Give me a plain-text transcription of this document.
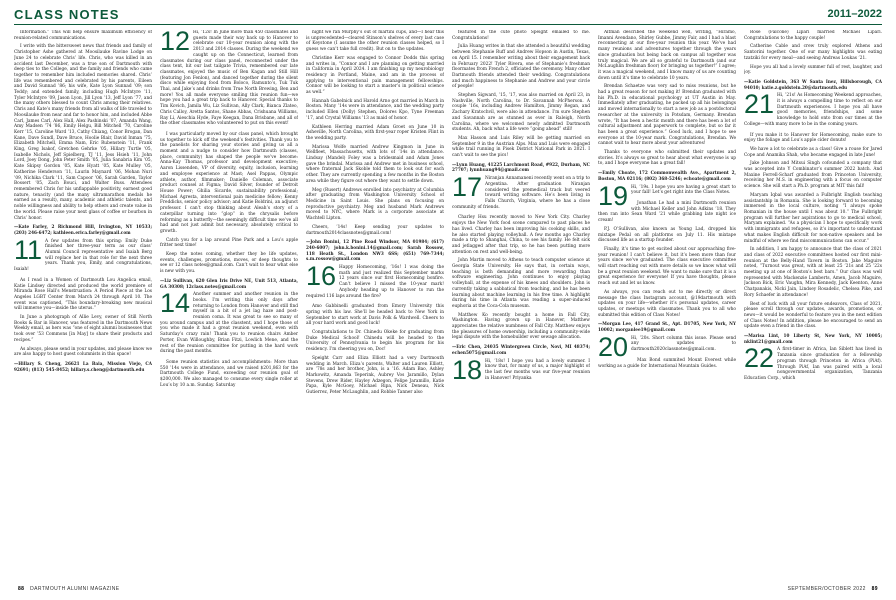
CLASS NOTES	2011–2022

Information.” This will help ensure maximum efficiency of reunion-related communications.

I write with the bittersweet news that friends and family of Christopher Ashe gathered at Moosilauke Ravine Lodge on June 24 to celebrate Chris’ life. Chris, who was killed in an accident last December, was a true son of Dartmouth with deep ties to the College, and the family and friends who came together to remember him included memories shared. Chris’ life was remembered and celebrated by his parents, Eileen and David Sunnad ’86; his wife, Kate Lyon Sunnad ’09; son Teddy; and extended family, including Hugh McIntyre ’11, Tyler McIntyre ’09, Jason Lyon, Jill Lyon ’13, Jeff Lyon ’77, and the many others blessed to count Chris among their relatives. Chris and Kate’s many friends from all walks of life traveled to Moosilauke from near and far to honor him, and included Abbe Carl, James Carl, Alex Hall, Alex Pashinski ’07, Amanda Wang, Amy Madsen ’74 ’86, Emily Helgu, Bill Mitchell ’70, Caroline Kerr ’15, Caroline Ward ’13, Cathy Chiang, Conor Brogan, Dan Kane, Dave Sundl, Dave Bruce, Hoolie Blair, David Inman ’75, Elizabeth Mitchell, Emma Nam, Eric Rubenstein ’11, Frank King, Greg Isakof, Gretchen Gehrke ’05, Hillary Turtle ’05, Isabelle Nichols, Jeff Spielberg, TJ ’11, Jess Hsieh ’11, John Lord, Joey Dong, John Peter Smith ’05, Julia Sanabria Kim ’05, Kate Skipsy Gordon ’05, Kate Hyatt ’05, Kate Mulley ’05, Katherine Henderson ’11, Laurin Maynard ’06, Mohan Nuri ’09, Nichika Clark ’11, Sam Capoor ’06, Sarah Garden, Taylor Bossert ’05, Zach Bouci, and Walter Buss. Attendees remembered Chris for his unflappable positivity, earnest good nature, tenacity (and the many ultramarathon medals he earned as a result), many, academic and athletic talents, and noble willingness and ability to help others and create value in the world. Please raise your next glass of coffee or bourbon in Chris’ honor.

—Kate Farley, 2 Richmond Hill, Irvington, NY 10533; (203) 246-6472; kathleen.erica.farley@gmail.com

11 A few updates from this spring: Emily Duke finished her three-year term as our class’ Alumni Council representative and Isaiah Berg will replace her in that role for the next three years. Thank you, Emily, and congratulations, Isaiah!

As I read in a Women of Dartmouth Lou Angelica email, Katie Lindsey directed and produced the world premiere of Miranda Rose Hall’s Menstruation: A Period Piece at the Los Angeles LGBT Center from March 24 through April 10. The event was captioned, “This boundary-breaking new musical will immerse you—inside the uterus.”

In June a photograph of Allie Levy, owner of Still North Books & Bar in Hanover, was featured in the Dartmouth News Weekly email, as hers was “one of eight alumni businesses that took over ’53 Commons [in May] to share their products and recipes.”

As always, please send in your updates, and please know we are also happy to host guest columnists in this space!

—Hillary S. Cheng, 26621 La Baia, Mission Viejo, CA 92691; (813) 545-8452; hillary.s.cheng@dartmouth.edu

12 Hi, ’12s! In June more than 450 classmates and guests made their way back up to Hanover to celebrate our 10-year reunion along with the 2013 and 2014 classes. During the weekend we caught up on the Connecticut, learned from classmates during our class panel, reconnected under the class tent, hit our last tailgate Trivia, remembered our late classmates, enjoyed the music of Ben Kagan and Still Hill (featuring Jon Fenlon), and danced together during the silent disco while enjoying food from Boloco, Ramunto’s, Tuk Tuk Thai, and Jake’s and drinks from True North Brewing, Ben and more! You all made everyone smiling this reunion fun—we hope you had a great trip back to Hanover. Special thanks to Tim Kovich, Jamila Wu, Liz Sullivan, Ally Clark, Bianca Zlateo, Chris Calloy, Aretta Santos, Shane Abbas, Crishuana Williams, Ray Li, Aieschia Hyde, Faye Keegan, Dana Brisbane, and all of the other classmates who volunteered to put on this event!

I was particularly moved by our class panel, which brought us together to kick off the weekend’s festivities. Thank you to the panelists for sharing your stories and giving us all a moment and a nudge to consider how Dartmouth (classes, place, community) has shaped the people we’ve become: Anna-Kay Thomas, professor and development executive; Aaron Lissenden, VP of diversity, equity, inclusion, learning and employee experience at Mast; Asel Pappas, Olympic athlete, author, filmmaker; Danielle Coleman, associate product counsel at Figma; David Silver, founder of Detroit House Power; Ghilia Sicarde, sustainability professional; Michael Agresta, interventional pain medicine fellow; Kenny Freddicks, senior policy advisor; and Katie Boldrini, an adjunct professor. I can’t stop thinking about Aleah’s story of a caterpillar turning into “glop” in the chrysalis before reforming as a butterfly—the seemingly difficult time we’ve all had and not just admit but necessary, absolutely critical to growth.

Catch you for a lap around Pine Park and a Lou’s apple fritter next time!

Keep the notes coming, whether they be life updates, events, challenges, promotions, moves, or deep thoughts to see or 12 class notes@gmail.com. Can’t wait to hear what else is new with you.

—Liz Sullivan, 620 Glen Iris Drive NE, Unit 513, Atlanta, GA 30308; 12class.notes@gmail.com

14 Another summer and another reunion in the books. I’m writing this only days after returning to London from Hanover and still find myself in a bit of a jet lag haze and post-reunion coma. It was great to see so many of you around campus and at the classtent, and I hope those of you who made it had a great reunion weekend, even with Saturday’s crazy rain! Thank you to reunion chairs Amber Porter, Evan Willoughby, Brian Fitzi, Lowlich Mene, and the rest of the reunion committee for putting in the hard work during the past months.

Some reunion statistics and accomplishments: More than 550 ’14s were in attendance, and we raised $201,863 for the Dartmouth College Fund, exceeding our reunion goal of $200,000. We also managed to consume every single roller at Lou’s by 10 a.m. Sunday. Saturday

night we ran Murphy’s out of martini cups, and—I hear this is unprecedented—cleared Stinson’s shelves of every last case of Keystone (I assume the other reunion classes helped, so I guess we can’t take full credit). But on to the updates.

Christine Kerr was engaged to Connor Dodds this spring and writes in, “Connor and I are planning on getting married in California in April 2024. I am finishing up my neurobiology residency in Portland, Maine, and am in the process of applying to interventional pain management fellowships. Connor will be looking to start a master’s in political science as well.”

Hannah Gabelnick and Harold Arno got married in March in Boston. Many ’14s were in attendance, and the wedding party included Ellen (Dolly) Stephen, Dolores Kpo, Tyne Freeman ’17, and Crystal Williams ’13 as maid of honor.

Kathleen Herring married Adam Groet on June 10 in Asheville, North Carolina, with first-year roper Kristen Flint in the wedding party.

Marissa Wolfe married Andrew Kingmon in June in Wellfleet, Massachusetts, with lots of ’14s in attendance. Lindsay (Mandel) Foley was a bridesmaid and Adam Jones gave the brindal. Marissa and Andrew met in business school, where fraternal Jack Skoble told them to look out for each other. They are currently spending a few months in the Boston area while they figure out where they want to settle down.

Meg (Rusert) Andrews enrolled into psychiatry at Columbia after graduating from Washington University School of Medicine in Saint Louis. She plans on focusing on reproductive psychiatry. Meg and husband Mark Andrews moved to NYC, where Mark is a corporate associate at Wachtell Lipton.

Cheers, ’14s! Keep sending your updates to dartmouth2014classnotes@gmail.com!

—John Bonini, 12 Pine Road Windsor, MA 01984; (617) 240-6007; john.k.bonini.14@gmail.com; Sarah Rossow, 118 Heath St., London NW3 6SS; (651) 769-7344; s.m.rossow@gmail.com

16 Happy Homecoming, ’16s! I was doing the math and just realized this September marks 12 years since our first Homecoming bonfire. Can’t believe I missed the 10-year mark! Anybody heading up to Hanover to run the required 116 laps around the fire?

Amo Gabbinelli graduated from Emory University this spring with his law. She’ll be headed back to New York in September to start work at Davis Polk & Wardwell. Cheers to all your hard work and good luck!

Congratulations to Dr. Chinedu Okeke for graduating from Duke Medical School! Chinedu will be headed to the University of Pennsylvania to begin his program for his residency. I’m cheering you on, Doc!

Speight Carr and Eliza Elliott had a very Dartmouth wedding in March. Eliza’s parents, Walter and Lauren Elliott, are ’78s and her brother, John, is a ’16. Adam Bao, Ashley Markowitz, Amanda Teperink, Aubrey Vos Jaramillo, Dylan Stevens, Drew Rider, Hayley Adzegon, Felipe Jaramillo, Katie Papa, Kyle McGoey, Michael Ripa, Nick Deneau, Nick Gutierrez, Peter McLaughlin, and Robbie Tanner also

featured in the cute photo Speight emailed to me. Congratulations!

Julia Huang writes in that she attended a beautiful wedding between Stephanie Ruff and Andrew Hopson in Austin, Texas, on April 15. I remember writing about their engagement back in February 2022! Tyler Rivera, one of Stephanie’s freshman floormates from French 2, officiated the ceremony. Many other Dartmouth friends attended their wedding. Congratulations and much happiness to Stephanie and Andrew and your circle of people!

Stephen Sigward, ’15, ’17, was also married on April 23, in Nashville, North Carolina, to Dr. Savannah McPherson. A couple ’16s, including Andrew Hamilton, Jimmy Regan, and Zachary Kratochvil, were also in attendance. I’m sure Stephen and Savannah are as stunned as ever in Raleigh, North Carolina, where we welcomed newly admitted Dartmouth students. Ah, back what a life were “going ahead” still!

Max Hasson and Luis Riley will be getting married on September 9 in the Austrian Alps. Max and Luis were engaged while trail running in Pisek District National Park in 2021. I can’t wait to see the pics!

—Lynn Huang, 41225 Larchmont Road, #922, Durham, NC 27707; lynnhuang94@gmail.com

17 Niranjan Annamaneni recently went on a trip to Argentina. After graduation Niranjan considered the premedical track but veered toward writing software. He’s been living in Falls Church, Virginia, where he has a close community of friends.

Charley Hsu recently moved to New York City. Charley enjoys the New York food scene compared to past places he has lived. Charley has been improving his cooking skills, and he also started playing volleyball. A few months ago Charley made a trip to Shanghai, China, to see his family. He felt sick and jetlagged after that trip, so he has been putting more attention on rest and well-being.

John Martin moved to Athens to teach computer science at Georgia State University. He says that, in certain ways, teaching is both demanding and more rewarding than software engineering. John continues to enjoy playing volleyball, at the expense of his knees and shoulders. John is currently taking a sabbatical from teaching, and he has been learning about machine learning in his free time. A highlight during his time in Atlanta was reading a super-induced euphoria at the Coca-Cola museum.

Matthew Ko recently bought a home in Fall City, Washington. Having grown up in Hanover, Matthew appreciates the relative numbness of Fall City. Matthew enjoys the pleasures of home ownership, including a community-wide legal dispute with the homebuilder over sewage allocation.

—Eric Chen, 24035 Wintergreen Circle, Novi, MI 48374; echen5075@gmail.com

18 Hi, ’18s! I hope you had a lovely summer. I know that, for many of us, a major highlight of the last few months was our five-year reunion in Hanover! Priyanka

Altman described the weekend well, writing, “Hiramo, Imanni Avendano, Shirley Gubbe, Jimmy Fair, and I had a blast reconnecting at our five-year reunion this year. We’ve had many reunions and adventures together through the years since graduation but being back on campus all together was truly magical. We are all so grateful to Dartmouth (and our McLaughlin freshman floor) for bringing us together!” I agree; it was a magical weekend, and I know many of us are counting down until it’s time to celebrate 10 years.

Brendan Schaetze was very sad to miss reunions, but he had a great reason for not making it! Brendan graduated with his Ph.D. in educational psychology at UT Austin in May. Immediately after graduating, he packed up all his belongings and moved internationally to start a new job as a postdoctoral researcher at the university in Potsdam, Germany. Brendan wrote, “It has been a hectic month and there has been a lot of cultural adjustment and paperwork to complete, but so far it has been a great experience.” Good luck, and I hope to see everyone at the 10-year mark. Congratulations, Brendan. We cannot wait to hear more about your adventures!

Thanks to everyone who submitted their updates and stories. It’s always so great to hear about what everyone is up to, and I hope everyone has a great fall!

—Emily Choate, 172 Commonwealth Ave., Apartment 2, Boston, MA 02116; (802) 368-5246; echoate@gmail.com

19 Hi, ’19s. I hope you are having a great start to your fall! Let’s get right into the Class Notes.

Jonathan Le had a mini Dartmouth reunion with Michael Keller and John Adkins ’18. They then ran into Sean Ward ’21 while grabbing late night ice cream!

P.J. O’Sullivan, also known as Young Lad, dropped his mixtape Pedal on all platforms on July 11. His mixtape discussed life as a startup founder.

Finally, it’s time to get excited about our approaching five-year reunion! I can’t believe it, but it’s been more than four years since we’ve graduated. The class executive committee will start reaching out with more details so we know what will be a great reunion weekend. We want to make sure that it is a great experience for everyone! If you have thoughts, please reach out and let us know.

As always, you can reach out to me directly or direct message the class Instagram account, @19dartmouth with updates on your life—whether it’s personal updates, career updates, or meetups with classmates. Thank you to all who submitted this edition of Class Notes!

—Morgan Lee, 417 Grand St., Apt. D1705, New York, NY 10002; morganlee19@gmail.com

20 Hi, ’20s. Short column this issue. Please send any updates to dartmouth2020classnotes@gmail.com.

Max Bond summited Mount Everest while working as a guide for International Mountain Guides.

Rose (Falcone) Lipari married Michael Lipari. Congratulations to the happy couple!

Catherine Cable and crew truly explored Athens and Santorini together. One of our many highlights was eating tzatziki for every meal—and seeing Andreas Loukas ’21.

Hope you all had a lovely summer full of rest, laughter, and joy.

—Katie Goldstein, 363 W Santa Inez, Hillsborough, CA 94010; katie.z.goldstein.20@dartmouth.edu

21 Hi, ’21s! As Homecoming Weekend approaches, it is always a compelling time to reflect on our Dartmouth experiences. I hope you all have good memories, friendships, and some knowledge to hold onto from our times at the College—with many more to be in the coming years.

If you make it to Hanover for Homecoming, make sure to enjoy the foliage and Lou’s apple cider donuts!

We have a lot to celebrate as a class! Give a rouse for Jared Cope and Anamika Shah, who became engaged in late June!

Jake Johnson and Mitsui Singh cofounded a company that was accepted into Y Combinator’s summer 2022 batch. And Maxine Ferrell-Scharf graduated from Princeton University, receiving her M.S. in engineering with a focus on computer science. She will start a Ph.D. program at MIT this fall!

Maryam Iqbal was awarded a Fulbright English teaching assistantship in Romania. She is looking forward to becoming immersed in the local culture, noting “I always spoke Romanian in the house until I was about 10.” The Fulbright program will further her aspirations to go to medical school, Maryam explained. “As a physician I hope to specifically work with immigrants and refugees, so it’s important to understand what makes English difficult for non-native speakers and be mindful of where we find miscommunications can occur.”

In addition, I am happy to announce that the class of 2021 and class of 2022 executive committees hosted our first mini-reunion at the Belly-Hand Tavern in Boston. Jake Maguire noted, “Turnout was great, with at least 25 ’21s and 25 ’22s meeting up at one of Boston’s best bars.” Our class was well represented with Mackenzie Lamberts, Amen, Jacob Maguire, Jackson Bick, Eric Vaughn, Mira Kennedy, Jack Keenton, Anne Chatpanakis, Nicki Jain, Lindsey Rosadelic, Chelsea Pike, and Rory Schaefer in attendance!

Best of luck with all your future endeavors, Class of 2021, please scroll through our updates, awards, promotions, or news—it would be wonderful to feature you in the next edition of Class Notes! In addition, please be encouraged to send an update even a friend in the class.

—Marisa Lint, 10 Liberty St, New York, NY 10005; nklint21@gmail.com

22 A first-timer in Africa, Ian Siblett has lived in Tanzania since graduation for a fellowship program through Princeton in Africa (PiAf). Through PiAf, Ian was paired with a local nongovernmental organization, Tanzania Education Corp., which

88 DARTMOUTH ALUMNI MAGAZINE	SEPTEMBER/OCTOBER 2022 89
